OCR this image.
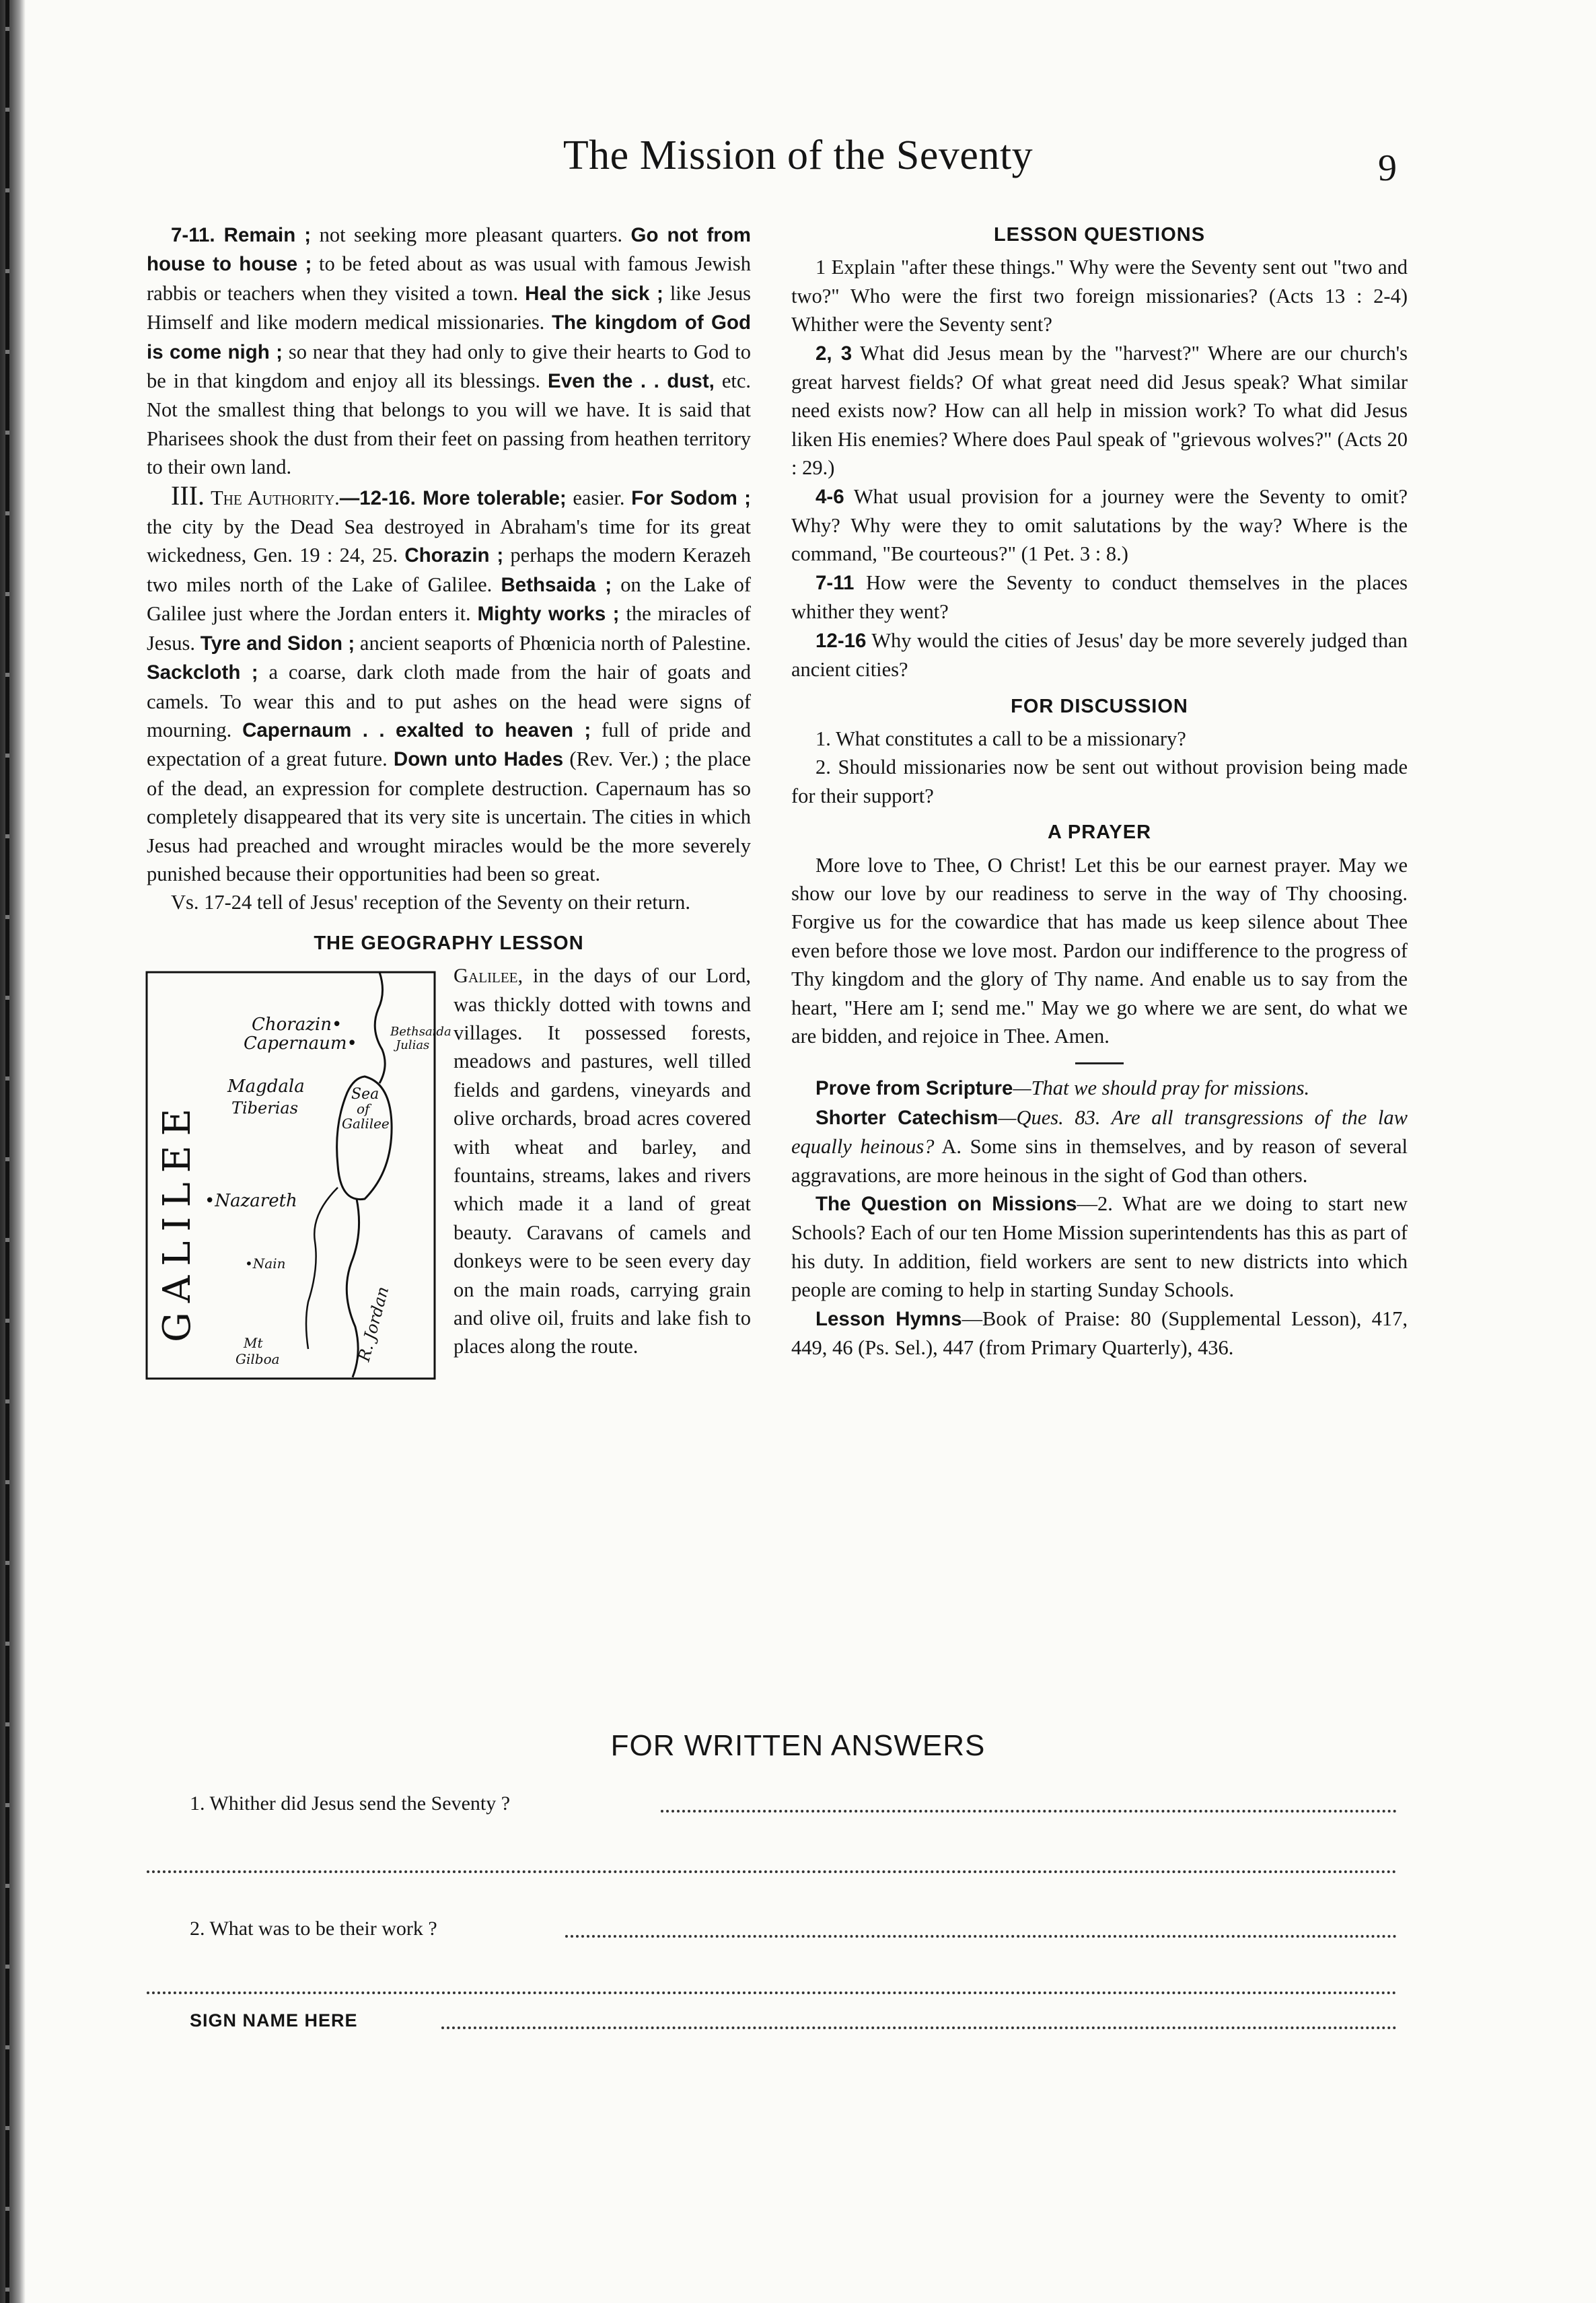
The Mission of the Seventy	9

7-11. Remain ; not seeking more pleasant quarters. Go not from house to house ; to be feted about as was usual with famous Jewish rabbis or teachers when they visited a town. Heal the sick ; like Jesus Himself and like modern medical missionaries. The kingdom of God is come nigh ; so near that they had only to give their hearts to God to be in that kingdom and enjoy all its blessings. Even the . . dust, etc. Not the smallest thing that belongs to you will we have. It is said that Pharisees shook the dust from their feet on passing from heathen territory to their own land.

III. The Authority.—12-16. More tolerable; easier. For Sodom ; the city by the Dead Sea destroyed in Abraham's time for its great wickedness, Gen. 19 : 24, 25. Chorazin ; perhaps the modern Kerazeh two miles north of the Lake of Galilee. Bethsaida ; on the Lake of Galilee just where the Jordan enters it. Mighty works ; the miracles of Jesus. Tyre and Sidon ; ancient seaports of Phœnicia north of Palestine. Sackcloth ; a coarse, dark cloth made from the hair of goats and camels. To wear this and to put ashes on the head were signs of mourning. Capernaum . . exalted to heaven ; full of pride and expectation of a great future. Down unto Hades (Rev. Ver.) ; the place of the dead, an expression for complete destruction. Capernaum has so completely disappeared that its very site is uncertain. The cities in which Jesus had preached and wrought miracles would be the more severely punished because their opportunities had been so great.

Vs. 17-24 tell of Jesus' reception of the Seventy on their return.

THE GEOGRAPHY LESSON
Chorazin•
Capernaum•
Bethsaida
Julias
Magdala
Tiberias
Sea
of
Galilee
•Nazareth
•Nain
GALILEE	R. Jordan
Mt
Gilboa

Galilee, in the days of our Lord, was thickly dotted with towns and villages. It possessed forests, meadows and pastures, well tilled fields and gardens, vineyards and olive orchards, broad acres covered with wheat and barley, and fountains, streams, lakes and rivers which made it a land of great beauty. Caravans of camels and donkeys were to be seen every day on the main roads, carrying grain and olive oil, fruits and lake fish to places along the route.

LESSON QUESTIONS

1 Explain "after these things." Why were the Seventy sent out "two and two?" Who were the first two foreign missionaries? (Acts 13 : 2-4) Whither were the Seventy sent?

2, 3 What did Jesus mean by the "harvest?" Where are our church's great harvest fields? Of what great need did Jesus speak? What similar need exists now? How can all help in mission work? To what did Jesus liken His enemies? Where does Paul speak of "grievous wolves?" (Acts 20 : 29.)

4-6 What usual provision for a journey were the Seventy to omit? Why? Why were they to omit salutations by the way? Where is the command, "Be courteous?" (1 Pet. 3 : 8.)

7-11 How were the Seventy to conduct themselves in the places whither they went?

12-16 Why would the cities of Jesus' day be more severely judged than ancient cities?

FOR DISCUSSION

1. What constitutes a call to be a missionary?

2. Should missionaries now be sent out without provision being made for their support?

A PRAYER

More love to Thee, O Christ! Let this be our earnest prayer. May we show our love by our readiness to serve in the way of Thy choosing. Forgive us for the cowardice that has made us keep silence about Thee even before those we love most. Pardon our indifference to the progress of Thy kingdom and the glory of Thy name. And enable us to say from the heart, "Here am I; send me." May we go where we are sent, do what we are bidden, and rejoice in Thee. Amen.

Prove from Scripture—That we should pray for missions.

Shorter Catechism—Ques. 83. Are all transgressions of the law equally heinous? A. Some sins in themselves, and by reason of several aggravations, are more heinous in the sight of God than others.

The Question on Missions—2. What are we doing to start new Schools? Each of our ten Home Mission superintendents has this as part of his duty. In addition, field workers are sent to new districts into which people are coming to help in starting Sunday Schools.

Lesson Hymns—Book of Praise: 80 (Supplemental Lesson), 417, 449, 46 (Ps. Sel.), 447 (from Primary Quarterly), 436.

FOR WRITTEN ANSWERS
1. Whither did Jesus send the Seventy ?
2. What was to be their work ?
SIGN NAME HERE
